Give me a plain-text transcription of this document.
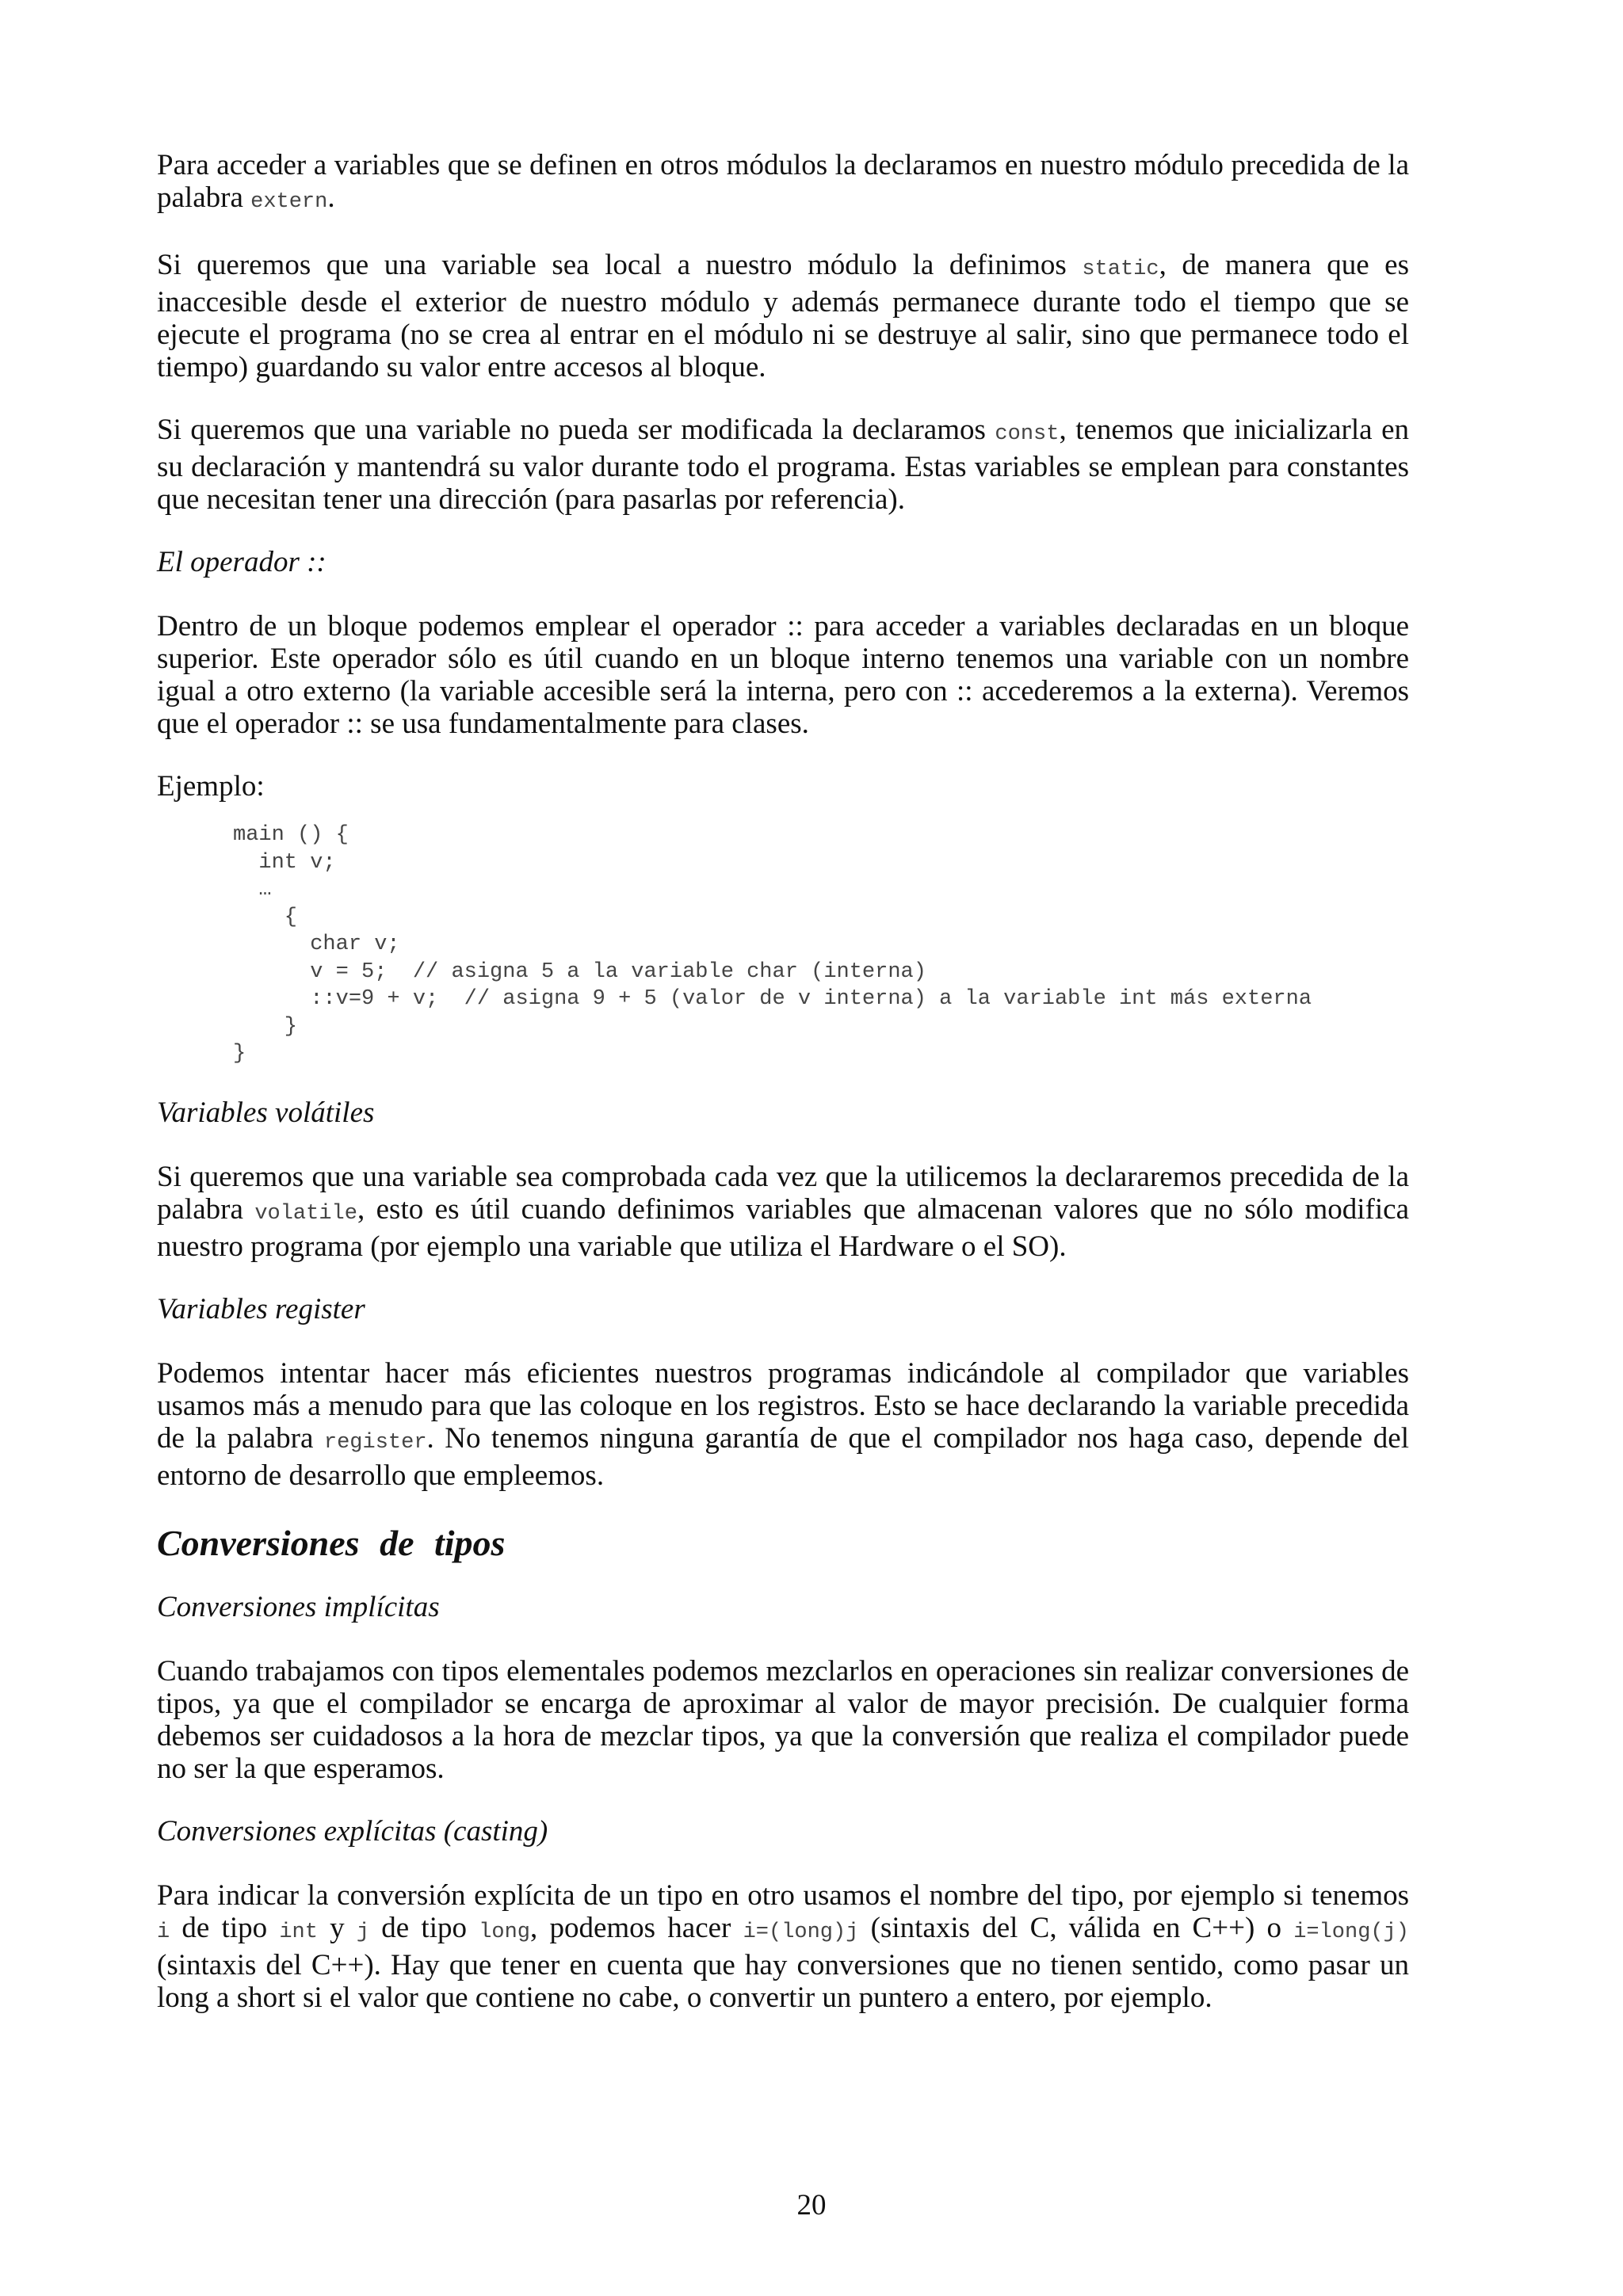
Para acceder a variables que se definen en otros módulos la declaramos en nuestro módulo precedida de la palabra extern.

Si queremos que una variable sea local a nuestro módulo la definimos static, de manera que es inaccesible desde el exterior de nuestro módulo y además permanece durante todo el tiempo que se ejecute el programa (no se crea al entrar en el módulo ni se destruye al salir, sino que permanece todo el tiempo) guardando su valor entre accesos al bloque.

Si queremos que una variable no pueda ser modificada la declaramos const, tenemos que inicializarla en su declaración y mantendrá su valor durante todo el programa. Estas variables se emplean para constantes que necesitan tener una dirección (para pasarlas por referencia).

El operador ::

Dentro de un bloque podemos emplear el operador :: para acceder a variables declaradas en un bloque superior. Este operador sólo es útil cuando en un bloque interno tenemos una variable con un nombre igual a otro externo (la variable accesible será la interna, pero con :: accederemos a la externa). Veremos que el operador :: se usa fundamentalmente para clases.

Ejemplo:

main () {
int v;
…
{
char v;
v = 5;  // asigna 5 a la variable char (interna)
::v=9 + v;  // asigna 9 + 5 (valor de v interna) a la variable int más externa
}
}
Variables volátiles

Si queremos que una variable sea comprobada cada vez que la utilicemos la declararemos precedida de la palabra volatile, esto es útil cuando definimos variables que almacenan valores que no sólo modifica nuestro programa (por ejemplo una variable que utiliza el Hardware o el SO).

Variables register

Podemos intentar hacer más eficientes nuestros programas indicándole al compilador que variables usamos más a menudo para que las coloque en los registros. Esto se hace declarando la variable precedida de la palabra register. No tenemos ninguna garantía de que el compilador nos haga caso, depende del entorno de desarrollo que empleemos.

Conversiones de tipos
Conversiones implícitas

Cuando trabajamos con tipos elementales podemos mezclarlos en operaciones sin realizar conversiones de tipos, ya que el compilador se encarga de aproximar al valor de mayor precisión. De cualquier forma debemos ser cuidadosos a la hora de mezclar tipos, ya que la conversión que realiza el compilador puede no ser la que esperamos.

Conversiones explícitas (casting)

Para indicar la conversión explícita de un tipo en otro usamos el nombre del tipo, por ejemplo si tenemos i de tipo int y j de tipo long, podemos hacer i=(long)j (sintaxis del C, válida en C++) o i=long(j) (sintaxis del C++). Hay que tener en cuenta que hay conversiones que no tienen sentido, como pasar un long a short si el valor que contiene no cabe, o convertir un puntero a entero, por ejemplo.

20
